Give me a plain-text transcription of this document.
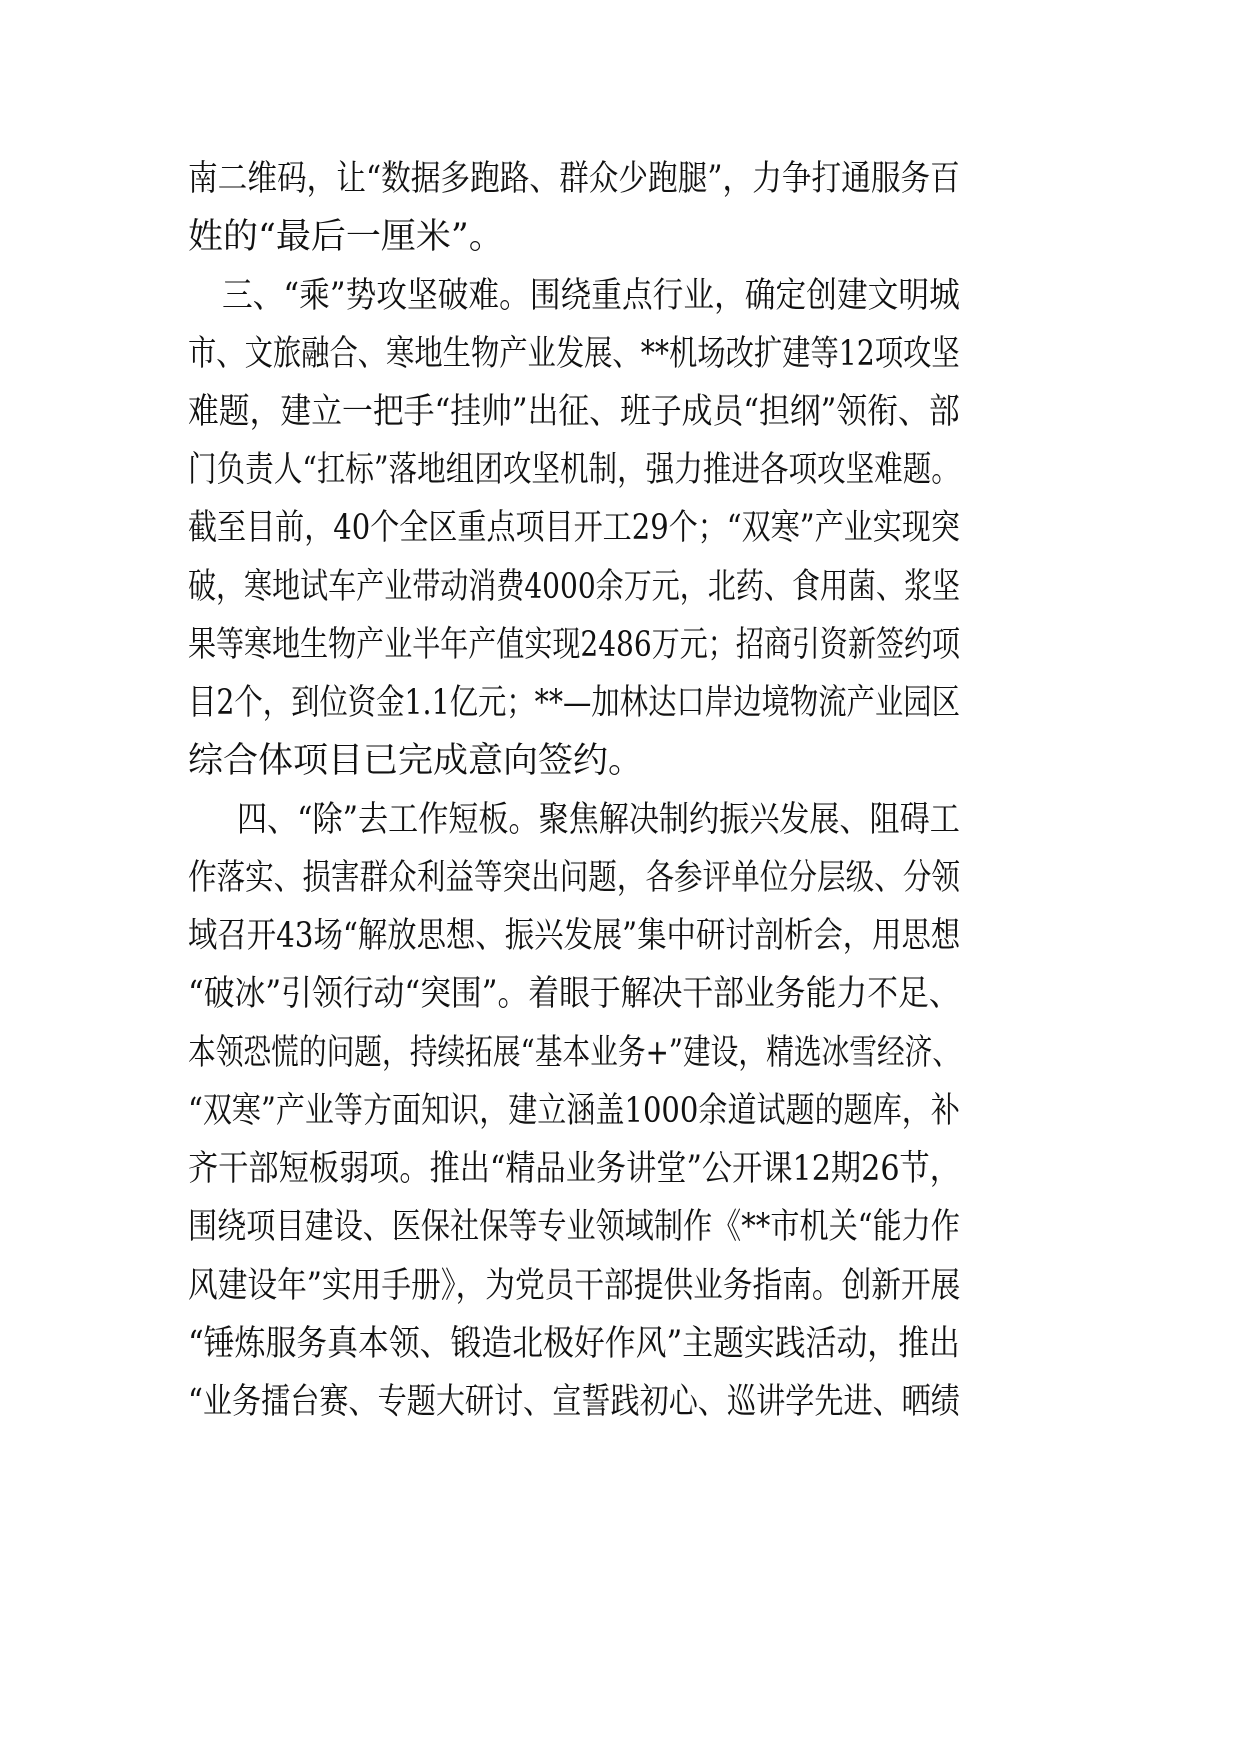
南二维码，让“数据多跑路、群众少跑腿”，力争打通服务百
姓的“最后一厘米”。
三、“乘”势攻坚破难。围绕重点行业，确定创建文明城
市、文旅融合、寒地生物产业发展、**机场改扩建等12项攻坚
难题，建立一把手“挂帅”出征、班子成员“担纲”领衔、部
门负责人“扛标”落地组团攻坚机制，强力推进各项攻坚难题。
截至目前，40个全区重点项目开工29个；“双寒”产业实现突
破，寒地试车产业带动消费4000余万元，北药、食用菌、浆坚
果等寒地生物产业半年产值实现2486万元；招商引资新签约项
目2个，到位资金1.1亿元；**—加林达口岸边境物流产业园区
综合体项目已完成意向签约。
四、“除”去工作短板。聚焦解决制约振兴发展、阻碍工
作落实、损害群众利益等突出问题，各参评单位分层级、分领
域召开43场“解放思想、振兴发展”集中研讨剖析会，用思想
“破冰”引领行动“突围”。着眼于解决干部业务能力不足、
本领恐慌的问题，持续拓展“基本业务+”建设，精选冰雪经济、
“双寒”产业等方面知识，建立涵盖1000余道试题的题库，补
齐干部短板弱项。推出“精品业务讲堂”公开课12期26节，
围绕项目建设、医保社保等专业领域制作《**市机关“能力作
风建设年”实用手册》，为党员干部提供业务指南。创新开展
“锤炼服务真本领、锻造北极好作风”主题实践活动，推出
“业务擂台赛、专题大研讨、宣誓践初心、巡讲学先进、晒绩
